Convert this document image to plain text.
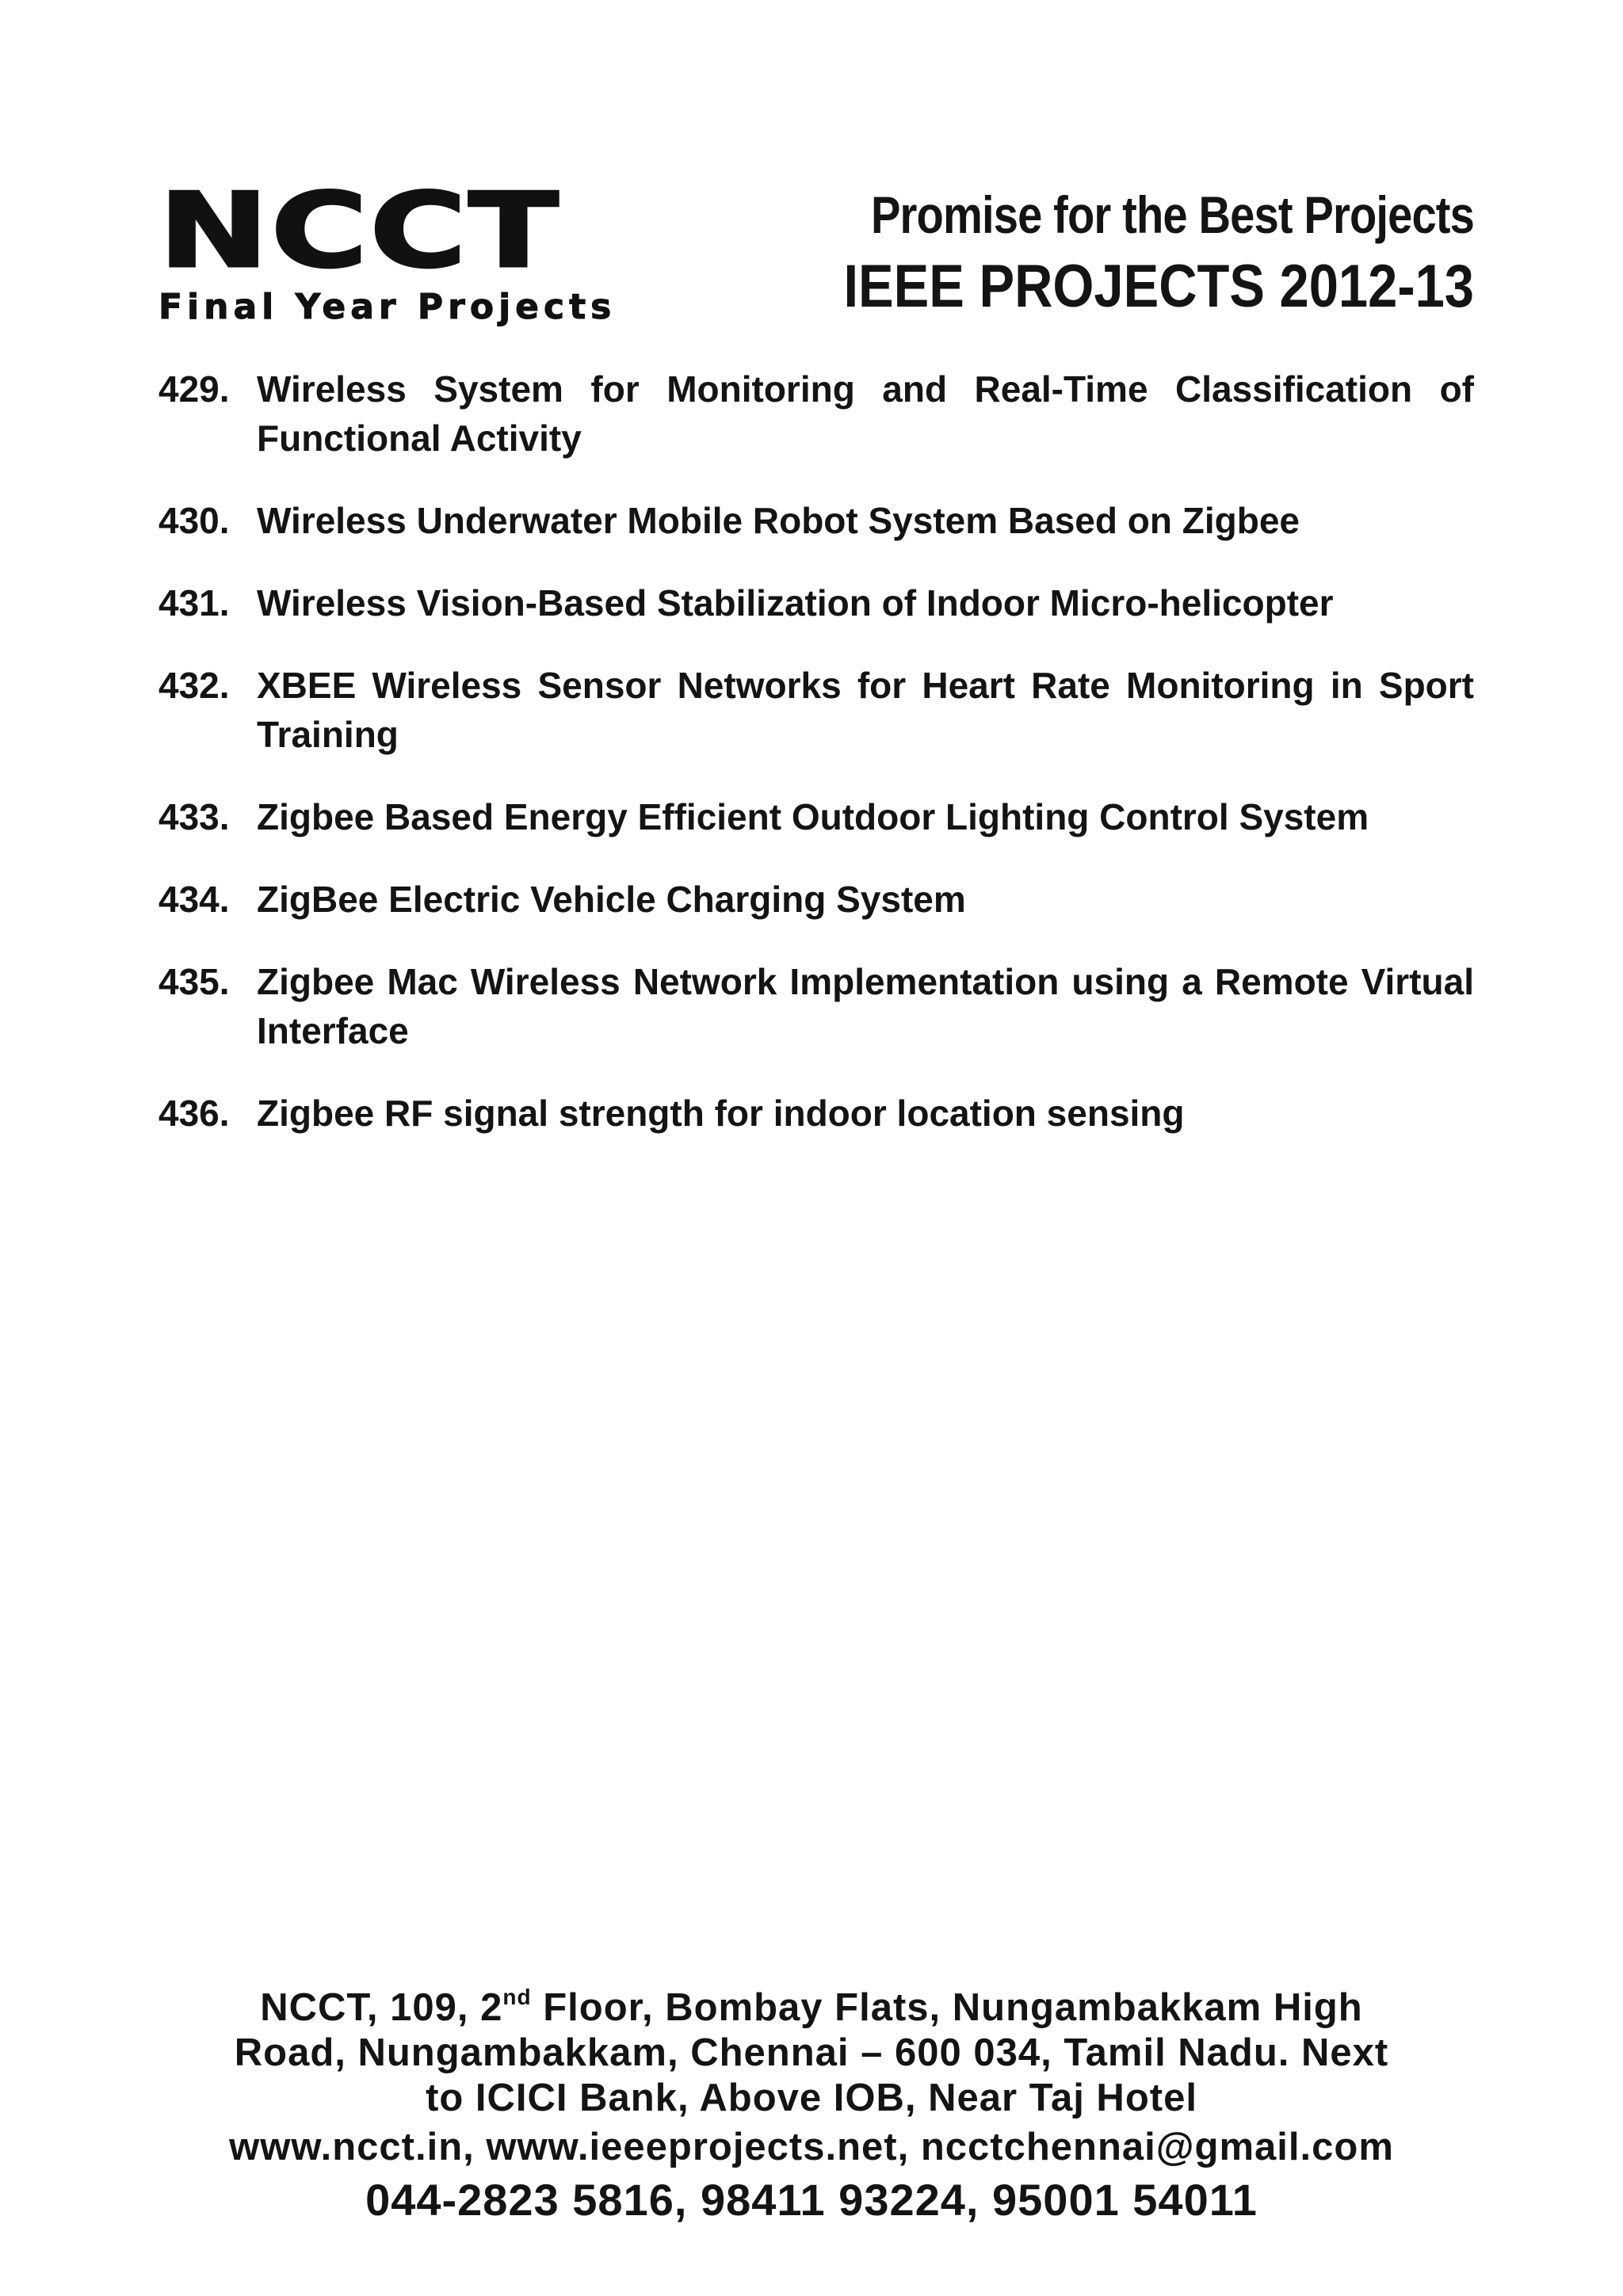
NCCT
Final Year Projects
Promise for the Best Projects
IEEE PROJECTS 2012-13
429. Wireless System for Monitoring and Real-Time Classification of Functional Activity
430. Wireless Underwater Mobile Robot System Based on Zigbee
431. Wireless Vision-Based Stabilization of Indoor Micro-helicopter
432. XBEE Wireless Sensor Networks for Heart Rate Monitoring in Sport Training
433. Zigbee Based Energy Efficient Outdoor Lighting Control System
434. ZigBee Electric Vehicle Charging System
435. Zigbee Mac Wireless Network Implementation using a Remote Virtual Interface
436. Zigbee RF signal strength for indoor location sensing
NCCT, 109, 2nd Floor, Bombay Flats, Nungambakkam High
Road, Nungambakkam, Chennai – 600 034, Tamil Nadu. Next
to ICICI Bank, Above IOB, Near Taj Hotel
www.ncct.in, www.ieeeprojects.net, ncctchennai@gmail.com
044-2823 5816, 98411 93224, 95001 54011
